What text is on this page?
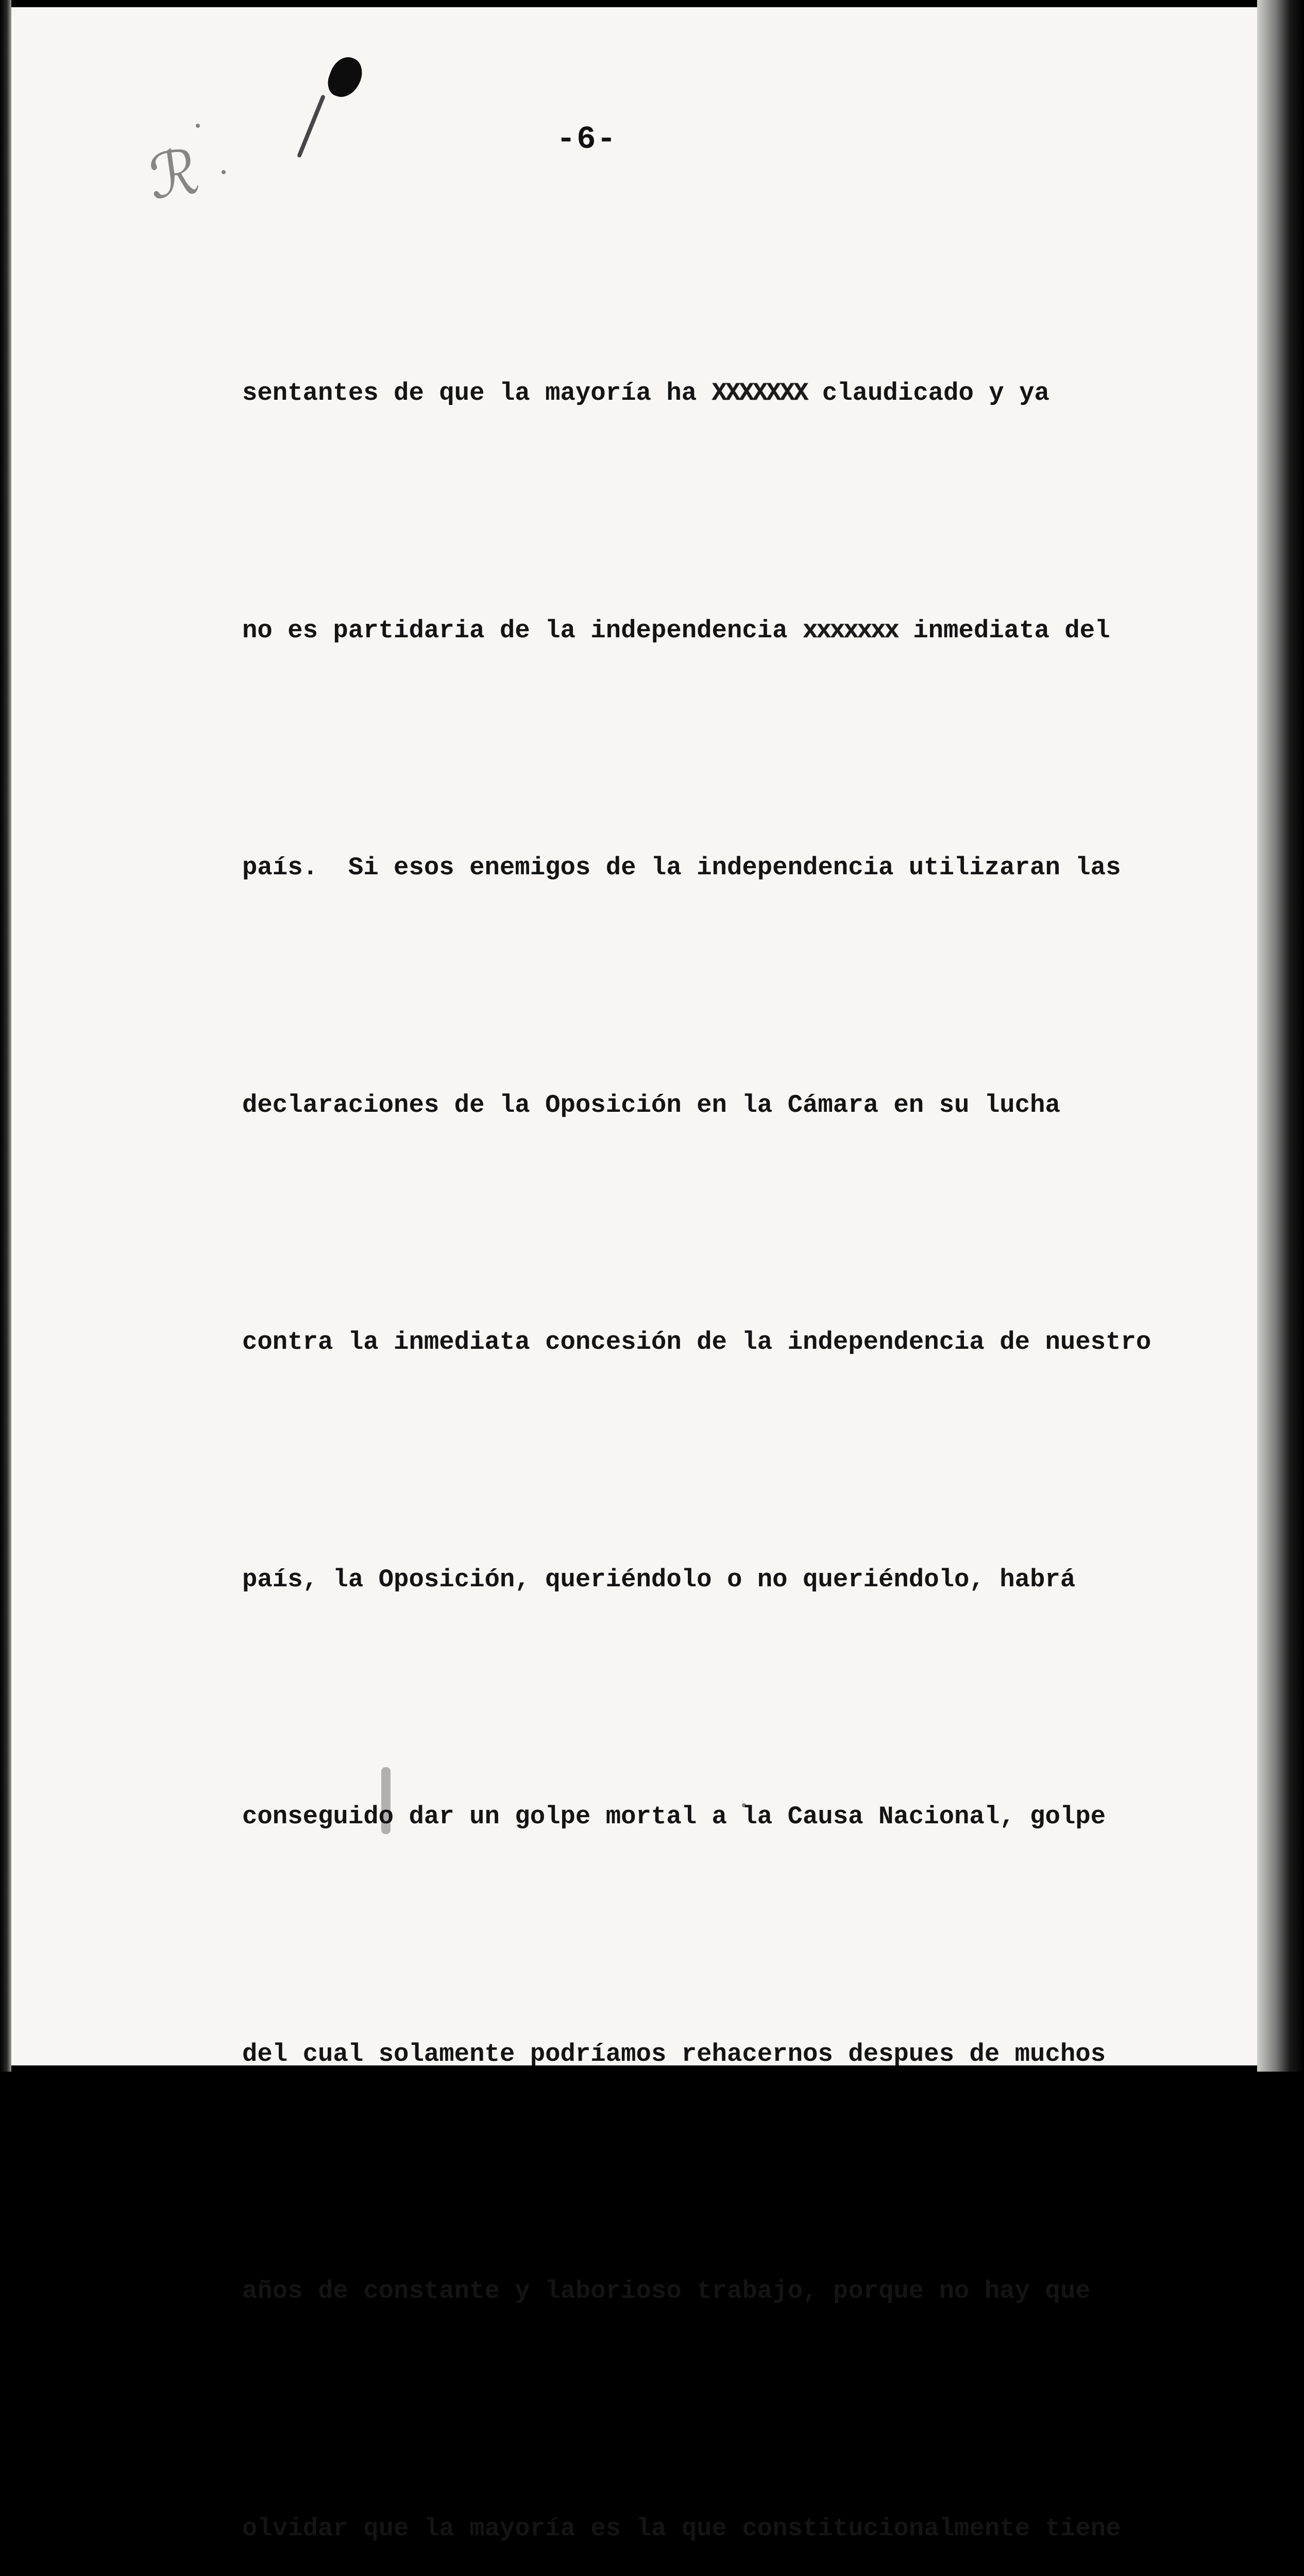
ℛ	-6-

sentantes de que la mayoría ha XXXXXXX claudicado y ya

no es partidaria de la independencia xxxxxxx inmediata del

país.  Si esos enemigos de la independencia utilizaran las

declaraciones de la Oposición en la Cámara en su lucha

contra la inmediata concesión de la independencia de nuestro

país, la Oposición, queriéndolo o no queriéndolo, habrá

conseguido dar un golpe mortal a la Causa Nacional, golpe

del cual solamente podríamos rehacernos despues de muchos

años de constante y laborioso trabajo, porque no hay que

olvidar que la mayoría es la que constitucionalmente tiene
